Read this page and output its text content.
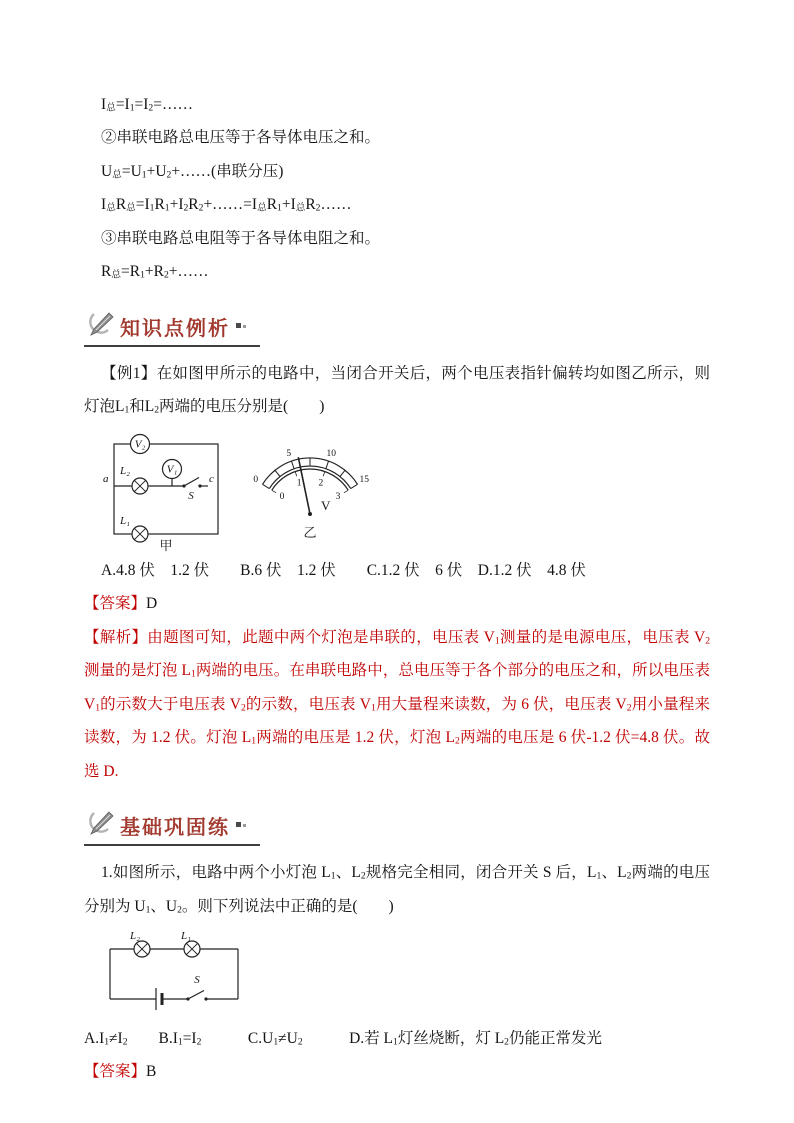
$I_总=I_1=I_2=\dots\dots$

②串联电路总电压等于各导体电压之和。

$U_总=U_1+U_2+\dots\dots$(串联分压)

$I_总R_总=I_1R_1+I_2R_2+\dots\dots=I_总R_1+I_总R_2\dots\dots$

③串联电路总电阻等于各导体电阻之和。

$R_总=R_1+R_2+\dots\dots$

知识点例析

【例1】在如图甲所示的电路中，当闭合开关后，两个电压表指针偏转均如图乙所示，则灯泡$L_1$和$L_2$两端的电压分别是(　　)

V₂
L₂	V₁
S
a	c
L₁
甲
0
5	10
15
0
1 2
3
V
乙

A.4.8 伏　1.2 伏　　B.6 伏　1.2 伏　　C.1.2 伏　6 伏　D.1.2 伏　4.8 伏

【答案】D

【解析】由题图可知，此题中两个灯泡是串联的，电压表 $V_1$测量的是电源电压，电压表 $V_2$测量的是灯泡 $L_1$两端的电压。在串联电路中，总电压等于各个部分的电压之和，所以电压表 $V_1$的示数大于电压表 $V_2$的示数，电压表 $V_1$用大量程来读数，为 6 伏，电压表 $V_2$用小量程来读数，为 1.2 伏。灯泡 $L_1$两端的电压是 1.2 伏，灯泡 $L_2$两端的电压是 6 伏-1.2 伏=4.8 伏。故选 D.

基础巩固练

1.如图所示，电路中两个小灯泡 $L_1$、$L_2$规格完全相同，闭合开关 S 后，$L_1$、$L_2$两端的电压分别为 $U_1$、$U_2$。则下列说法中正确的是(　　)

S
L₂	L₁

$A.I_1\ne I_2$　　$B.I_1=I_2$　　　$C.U_1\ne U_2$　　　D.若 $L_1$灯丝烧断，灯 $L_2$仍能正常发光

【答案】B
